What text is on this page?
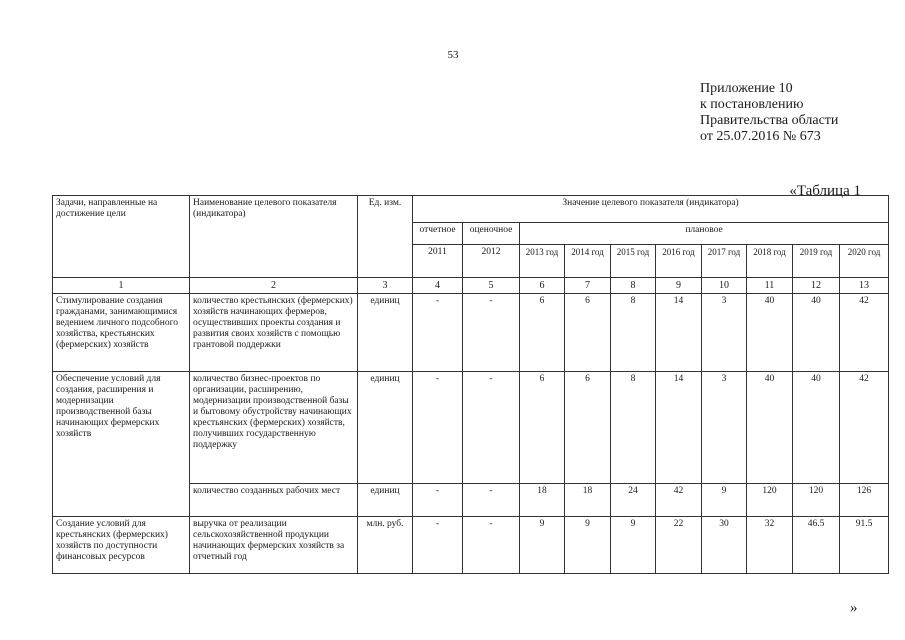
53
Приложение 10
к постановлению
Правительства области
от 25.07.2016 № 673
«Таблица 1
Задачи, направленные на достижение цели	Наименование целевого показателя (индикатора)	Ед. изм.	Значение целевого показателя (индикатора)									
			отчетное	оценочное	плановое							
			2011	2012	2013 год	2014 год	2015 год	2016 год	2017 год	2018 год	2019 год	2020 год
1	2	3	4	5	6	7	8	9	10	11	12	13
Стимулирование создания гражданами, занимающимися ведением личного подсобного хозяйства, крестьянских (фермерских) хозяйств	количество крестьянских (фермерских) хозяйств начинающих фермеров, осуществивших проекты создания и развития своих хозяйств с помощью грантовой поддержки	единиц	-	-	6	6	8	14	3	40	40	42
Обеспечение условий для создания, расширения и модернизации производственной базы начинающих фермерских хозяйств	количество бизнес-проектов по организации, расширению, модернизации производственной базы и бытовому обустройству начинающих крестьянских (фермерских) хозяйств, получивших государственную поддержку	единиц	-	-	6	6	8	14	3	40	40	42
	количество созданных рабочих мест	единиц	-	-	18	18	24	42	9	120	120	126
Создание условий для крестьянских (фермерских) хозяйств по доступности финансовых ресурсов	выручка от реализации сельскохозяйственной продукции начинающих фермерских хозяйств за отчетный год	млн. руб.	-	-	9	9	9	22	30	32	46.5	91.5
»
